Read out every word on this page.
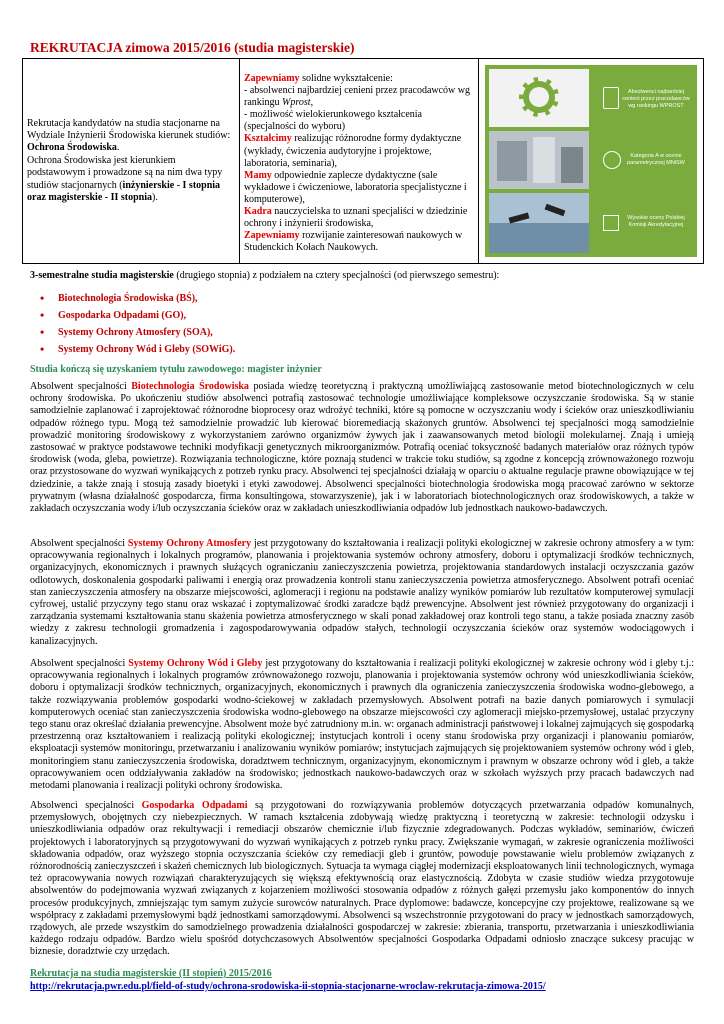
REKRUTACJA zimowa 2015/2016 (studia magisterskie)
Rekrutacja kandydatów na studia stacjonarne na Wydziale Inżynierii Środowiska kierunek studiów: Ochrona Środowiska.
Ochrona Środowiska jest kierunkiem podstawowym i prowadzone są na nim dwa typy studiów stacjonarnych (inżynierskie - I stopnia oraz magisterskie - II stopnia).	Zapewniamy solidne wykształcenie:
- absolwenci najbardziej cenieni przez pracodawców wg rankingu Wprost,
- możliwość wielokierunkowego kształcenia (specjalności do wyboru)
Kształcimy realizując różnorodne formy dydaktyczne (wykłady, ćwiczenia audytoryjne i projektowe, laboratoria, seminaria),
Mamy odpowiednie zaplecze dydaktyczne (sale wykładowe i ćwiczeniowe, laboratoria specjalistyczne i komputerowe),
Kadra nauczycielska to uznani specjaliści w dziedzinie ochrony i inżynierii środowiska,
Zapewniamy rozwijanie zainteresowań naukowych w Studenckich Kołach Naukowych.	
Absolwenci najbardziej cenieni przez pracodawców wg rankingu WPROST
Kategoria A w ocenie parametrycznej MNiSW
Wysokie oceny Polskiej Komisji Akredytacyjnej
3-semestralne studia magisterskie (drugiego stopnia) z podziałem na cztery specjalności (od pierwszego semestru):
• Biotechnologia Środowiska (BŚ),
• Gospodarka Odpadami (GO),
• Systemy Ochrony Atmosfery (SOA),
• Systemy Ochrony Wód i Gleby (SOWiG).
Studia kończą się uzyskaniem tytułu zawodowego: magister inżynier
Absolwent specjalności Biotechnologia Środowiska posiada wiedzę teoretyczną i praktyczną umożliwiającą zastosowanie metod biotechnologicznych w celu ochrony środowiska. Po ukończeniu studiów absolwenci potrafią zastosować technologie umożliwiające kompleksowe oczyszczanie środowiska. Są w stanie samodzielnie zaplanować i zaprojektować różnorodne bioprocesy oraz wdrożyć techniki, które są pomocne w oczyszczaniu wody i ścieków oraz unieszkodliwianiu odpadów różnego typu. Mogą też samodzielnie prowadzić lub kierować bioremediacją skażonych gruntów. Absolwenci tej specjalności mogą samodzielnie prowadzić monitoring środowiskowy z wykorzystaniem zarówno organizmów żywych jak i zaawansowanych metod biologii molekularnej. Znają i umieją zastosować w praktyce podstawowe techniki modyfikacji genetycznych mikroorganizmów. Potrafią oceniać toksyczność badanych materiałów oraz różnych typów środowisk (woda, gleba, powietrze). Rozwiązania technologiczne, które poznają studenci w trakcie toku studiów, są zgodne z koncepcją zrównoważonego rozwoju oraz przystosowane do wyzwań wynikających z potrzeb rynku pracy. Absolwenci tej specjalności działają w oparciu o aktualne regulacje prawne obowiązujące w tej dziedzinie, a także znają i stosują zasady bioetyki i etyki zawodowej. Absolwenci specjalności biotechnologia środowiska mogą pracować zarówno w sektorze prywatnym (własna działalność gospodarcza, firma konsultingowa, stowarzyszenie), jak i w laboratoriach biotechnologicznych oraz środowiskowych, a także w zakładach oczyszczania wody i/lub oczyszczania ścieków oraz w zakładach unieszkodliwiania odpadów lub jednostkach naukowo-badawczych.
Absolwent specjalności Systemy Ochrony Atmosfery jest przygotowany do kształtowania i realizacji polityki ekologicznej w zakresie ochrony atmosfery a w tym: opracowywania regionalnych i lokalnych programów, planowania i projektowania systemów ochrony atmosfery, doboru i optymalizacji środków technicznych, organizacyjnych, ekonomicznych i prawnych służących ograniczaniu zanieczyszczenia powietrza, projektowania standardowych instalacji oczyszczania gazów odlotowych, doskonalenia gospodarki paliwami i energią oraz prowadzenia kontroli stanu zanieczyszczenia powietrza atmosferycznego. Absolwent potrafi oceniać stan zanieczyszczenia atmosfery na obszarze miejscowości, aglomeracji i regionu na podstawie analizy wyników pomiarów lub rezultatów komputerowej symulacji cyfrowej, ustalić przyczyny tego stanu oraz wskazać i zoptymalizować środki zaradcze bądź prewencyjne. Absolwent jest również przygotowany do organizacji i zarządzania systemami kształtowania stanu skażenia powietrza atmosferycznego w skali ponad zakładowej oraz kontroli tego stanu, a także posiada znaczny zasób wiedzy z zakresu technologii gromadzenia i zagospodarowywania odpadów stałych, technologii oczyszczania ścieków oraz systemów wodociągowych i kanalizacyjnych.
Absolwent specjalności Systemy Ochrony Wód i Gleby jest przygotowany do kształtowania i realizacji polityki ekologicznej w zakresie ochrony wód i gleby t.j.: opracowywania regionalnych i lokalnych programów zrównoważonego rozwoju, planowania i projektowania systemów ochrony wód unieszkodliwiania ścieków, doboru i optymalizacji środków technicznych, organizacyjnych, ekonomicznych i prawnych dla ograniczenia zanieczyszczenia środowiska wodno-glebowego, a także rozwiązywania problemów gospodarki wodno-ściekowej w zakładach przemysłowych. Absolwent potrafi na bazie danych pomiarowych i symulacji komputerowych oceniać stan zanieczyszczenia środowiska wodno-glebowego na obszarze miejscowości czy aglomeracji miejsko-przemysłowej, ustalać przyczyny tego stanu oraz określać działania prewencyjne. Absolwent może być zatrudniony m.in. w: organach administracji państwowej i lokalnej zajmujących się gospodarką przestrzenną oraz kształtowaniem i realizacją polityki ekologicznej; instytucjach kontroli i oceny stanu środowiska przy organizacji i planowaniu pomiarów, eksploatacji systemów monitoringu, przetwarzaniu i analizowaniu wyników pomiarów; instytucjach zajmujących się projektowaniem systemów ochrony wód i gleb, monitoringiem stanu zanieczyszczenia środowiska, doradztwem technicznym, organizacyjnym, ekonomicznym i prawnym w obszarze ochrony wód i gleb, a także opracowywaniem ocen oddziaływania zakładów na środowisko; jednostkach naukowo-badawczych oraz w szkołach wyższych przy pracach badawczych nad metodami planowania i realizacji polityki ochrony środowiska.
Absolwenci specjalności Gospodarka Odpadami są przygotowani do rozwiązywania problemów dotyczących przetwarzania odpadów komunalnych, przemysłowych, obojętnych czy niebezpiecznych. W ramach kształcenia zdobywają wiedzę praktyczną i teoretyczną w zakresie: technologii odzysku i unieszkodliwiania odpadów oraz rekultywacji i remediacji obszarów chemicznie i/lub fizycznie zdegradowanych. Podczas wykładów, seminariów, ćwiczeń projektowych i laboratoryjnych są przygotowywani do wyzwań wynikających z potrzeb rynku pracy. Zwiększanie wymagań, w zakresie ograniczenia możliwości składowania odpadów, oraz wyższego stopnia oczyszczania ścieków czy remediacji gleb i gruntów, powoduje powstawanie wielu problemów związanych z różnorodnością zanieczyszczeń i skażeń chemicznych lub biologicznych. Sytuacja ta wymaga ciągłej modernizacji eksploatowanych linii technologicznych, wymaga też opracowywania nowych rozwiązań charakteryzujących się większą efektywnością oraz elastycznością. Zdobyta w czasie studiów wiedza przygotowuje absolwentów do podejmowania wyzwań związanych z kojarzeniem możliwości stosowania odpadów z różnych gałęzi przemysłu jako komponentów do innych procesów produkcyjnych, zmniejszając tym samym zużycie surowców naturalnych. Prace dyplomowe: badawcze, koncepcyjne czy projektowe, realizowane są we współpracy z zakładami przemysłowymi bądź jednostkami samorządowymi. Absolwenci są wszechstronnie przygotowani do pracy w jednostkach samorządowych, rządowych, ale przede wszystkim do samodzielnego prowadzenia działalności gospodarczej w zakresie: zbierania, transportu, przetwarzania i unieszkodliwiania każdego rodzaju odpadów. Bardzo wielu spośród dotychczasowych Absolwentów specjalności Gospodarka Odpadami odniosło znaczące sukcesy pracując w biznesie, doradztwie czy urzędach.
Rekrutacja na studia magisterskie (II stopień) 2015/2016
http://rekrutacja.pwr.edu.pl/field-of-study/ochrona-srodowiska-ii-stopnia-stacjonarne-wroclaw-rekrutacja-zimowa-2015/
